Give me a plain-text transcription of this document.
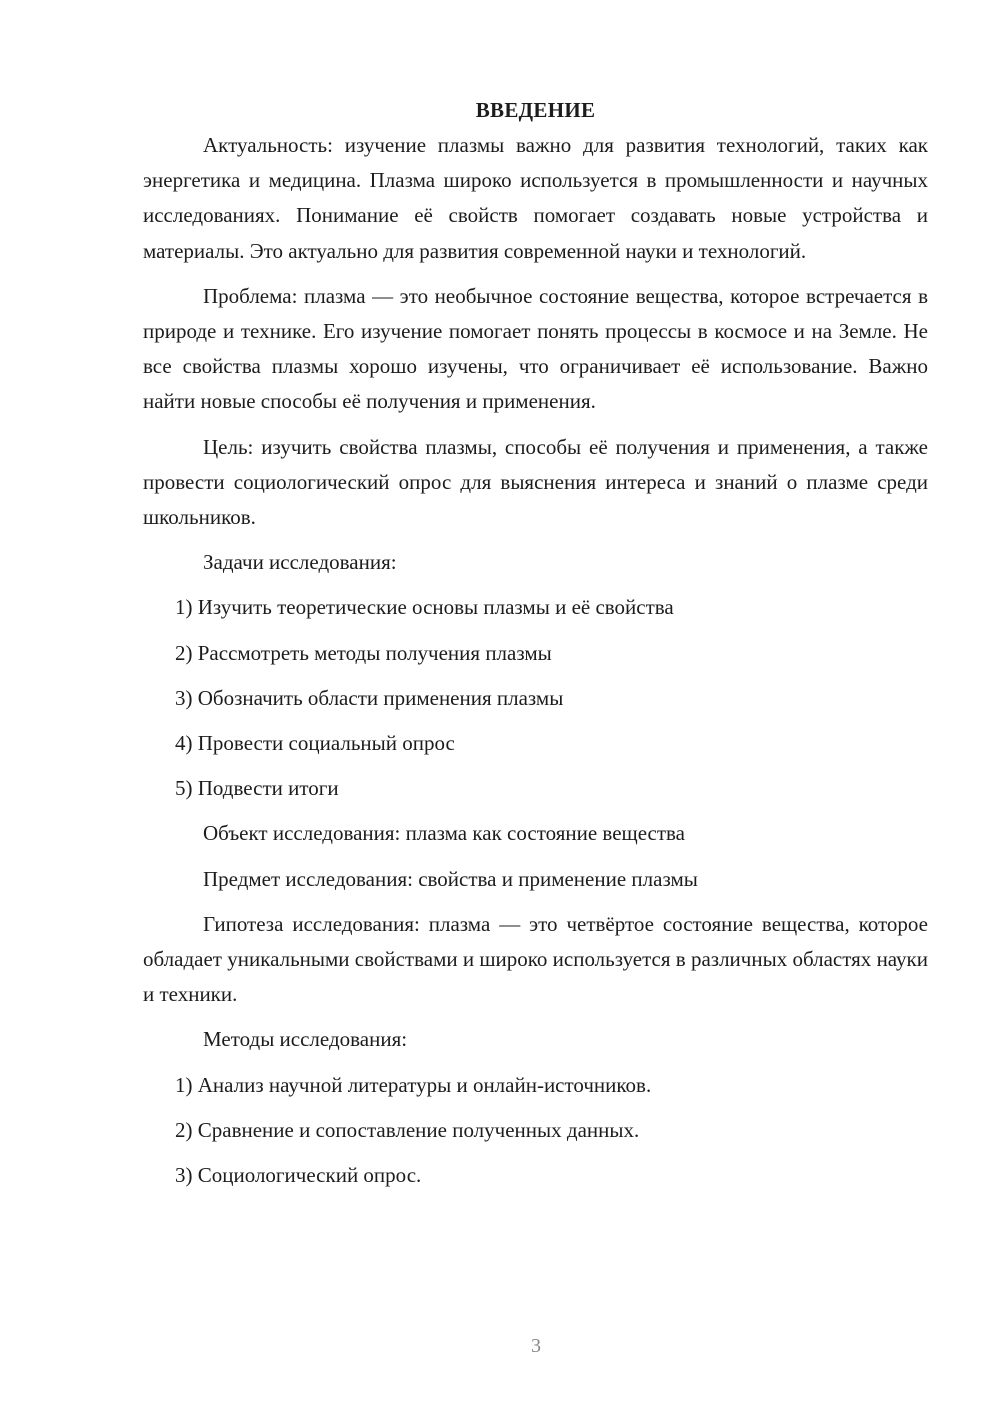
ВВЕДЕНИЕ

Актуальность: изучение плазмы важно для развития технологий, таких как энергетика и медицина. Плазма широко используется в промышленности и научных исследованиях. Понимание её свойств помогает создавать новые устройства и материалы. Это актуально для развития современной науки и технологий.

Проблема: плазма — это необычное состояние вещества, которое встречается в природе и технике. Его изучение помогает понять процессы в космосе и на Земле. Не все свойства плазмы хорошо изучены, что ограничивает её использование. Важно найти новые способы её получения и применения.

Цель: изучить свойства плазмы, способы её получения и применения, а также провести социологический опрос для выяснения интереса и знаний о плазме среди школьников.

Задачи исследования:
1) Изучить теоретические основы плазмы и её свойства
2) Рассмотреть методы получения плазмы
3) Обозначить области применения плазмы
4) Провести социальный опрос
5) Подвести итоги
Объект исследования: плазма как состояние вещества
Предмет исследования: свойства и применение плазмы

Гипотеза исследования: плазма — это четвёртое состояние вещества, которое обладает уникальными свойствами и широко используется в различных областях науки и техники.

Методы исследования:
1) Анализ научной литературы и онлайн-источников.
2) Сравнение и сопоставление полученных данных.
3) Социологический опрос.
3
